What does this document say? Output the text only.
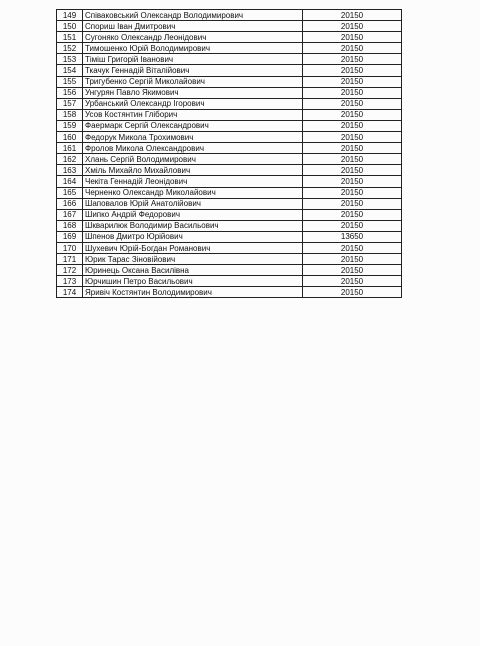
149	Співаковський Олександр Володимирович	20150
150	Спориш Іван Дмитрович	20150
151	Сугоняко Олександр Леонідович	20150
152	Тимошенко Юрій Володимирович	20150
153	Тіміш Григорій Іванович	20150
154	Ткачук Геннадій Віталійович	20150
155	Тригубенко Сергій Миколайович	20150
156	Унгурян Павло Якимович	20150
157	Урбанський Олександр Ігорович	20150
158	Усов Костянтин Гліборич	20150
159	Фаермарк Сергій Олександрович	20150
160	Федорук Микола Трохимович	20150
161	Фролов Микола Олександрович	20150
162	Хлань Сергій Володимирович	20150
163	Хміль Михайло Михайлович	20150
164	Чекіта Геннадій Леонідович	20150
165	Черненко Олександр Миколайович	20150
166	Шаповалов Юрій Анатолійович	20150
167	Шипко Андрій Федорович	20150
168	Шкварилюк Володимир Васильович	20150
169	Шпенов Дмитро Юрійович	13650
170	Шухевич Юрій-Богдан Романович	20150
171	Юрик Тарас Зіновійович	20150
172	Юринець Оксана Василівна	20150
173	Юрчишин Петро Васильович	20150
174	Яривіч Костянтин Володимирович	20150
